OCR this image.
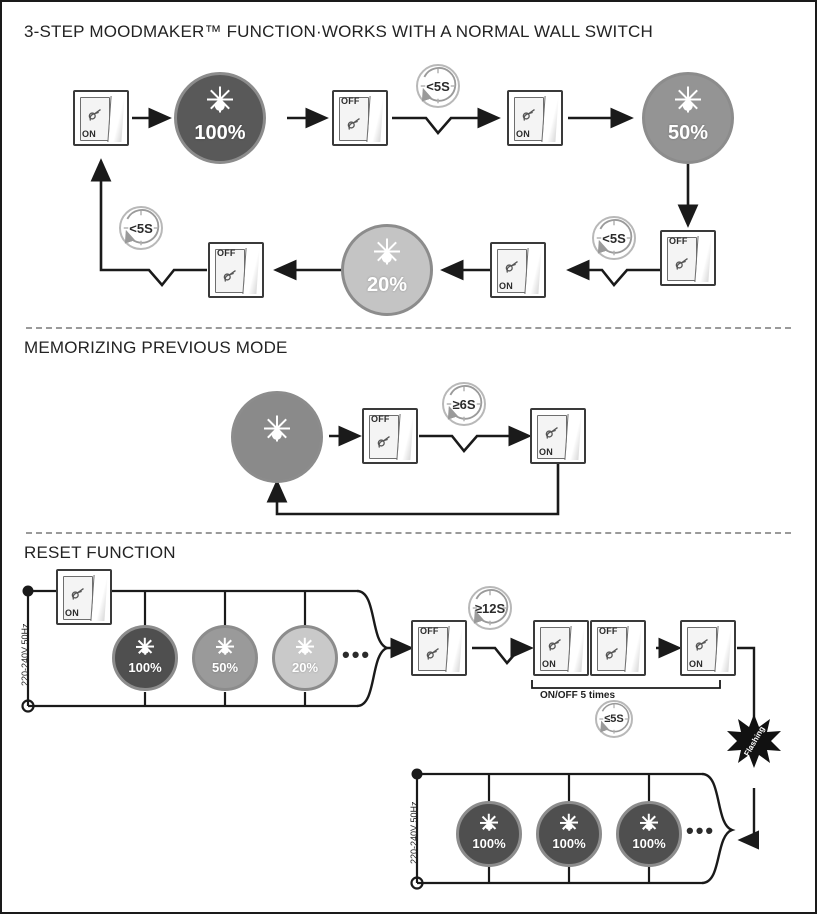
3-STEP MOODMAKER™ FUNCTION·WORKS WITH A NORMAL WALL SWITCH
ON	100%
OFF
<5S
ON	50%
OFF
<5S
ON
20%
OFF
<5S
MEMORIZING PREVIOUS MODE
OFF
≥6S
ON
RESET FUNCTION
220-240V 50Hz
ON
100%	50%	20%
•••
OFF
≥12S
ON
OFF
ON/OFF 5 times
ON
≤5S
Flashing
220-240V 50Hz	100%	100%	100%
•••
